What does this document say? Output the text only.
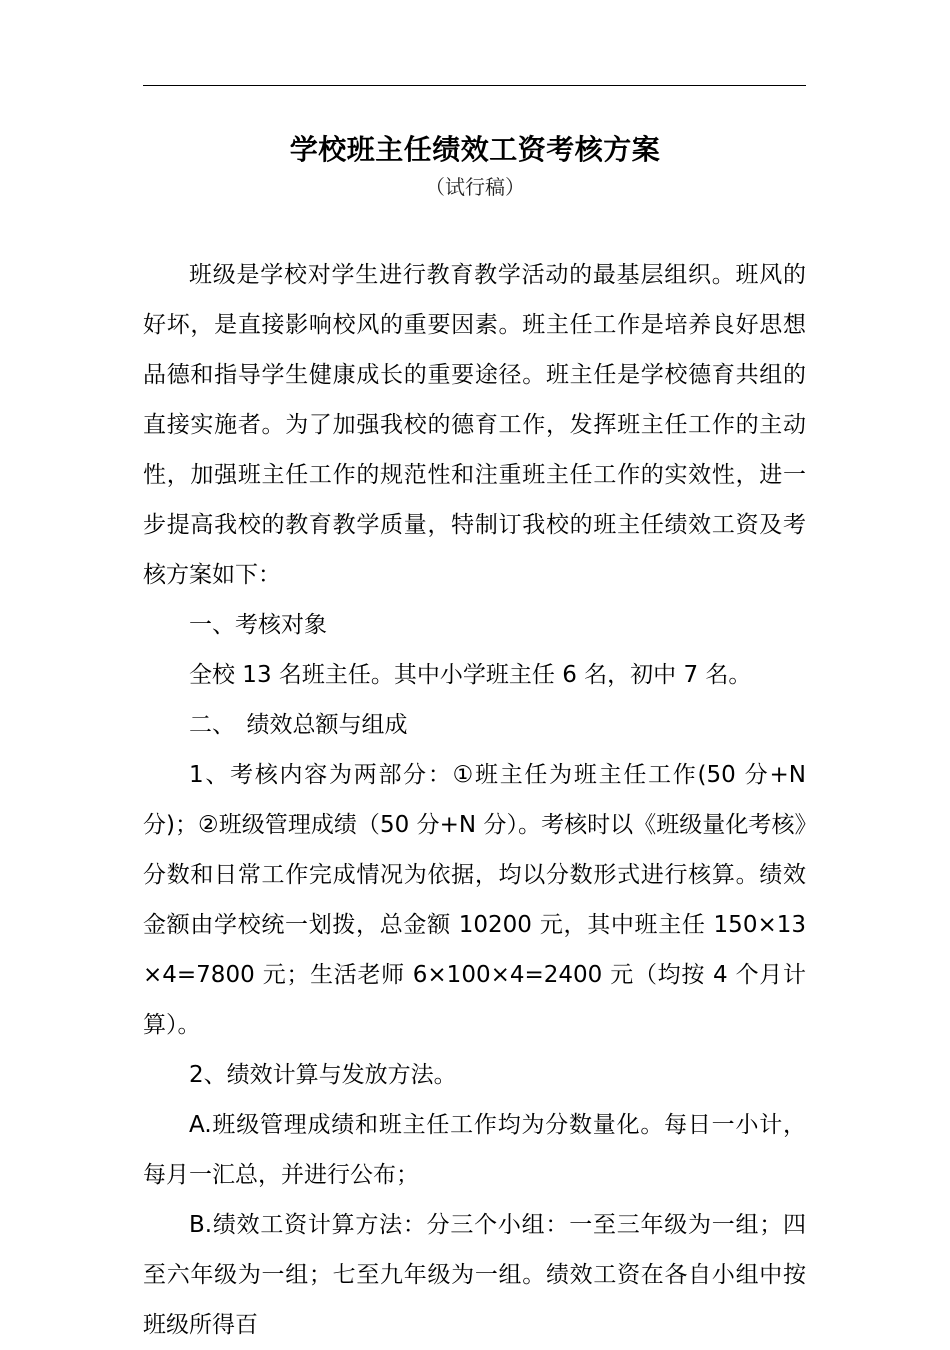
学校班主任绩效工资考核方案
（试行稿）

班级是学校对学生进行教育教学活动的最基层组织。班风的好坏，是直接影响校风的重要因素。班主任工作是培养良好思想品德和指导学生健康成长的重要途径。班主任是学校德育共组的直接实施者。为了加强我校的德育工作，发挥班主任工作的主动性，加强班主任工作的规范性和注重班主任工作的实效性，进一步提高我校的教育教学质量，特制订我校的班主任绩效工资及考核方案如下：

一、考核对象

全校 13 名班主任。其中小学班主任 6 名，初中 7 名。

二、　绩效总额与组成

1、考核内容为两部分：①班主任为班主任工作(50 分+N 分)；②班级管理成绩（50 分+N 分）。考核时以《班级量化考核》分数和日常工作完成情况为依据，均以分数形式进行核算。绩效金额由学校统一划拨，总金额 10200 元，其中班主任 150×13×4=7800 元；生活老师 6×100×4=2400 元（均按 4 个月计算）。

2、绩效计算与发放方法。

A.班级管理成绩和班主任工作均为分数量化。每日一小计，每月一汇总，并进行公布；

B.绩效工资计算方法：分三个小组：一至三年级为一组；四至六年级为一组；七至九年级为一组。绩效工资在各自小组中按班级所得百
